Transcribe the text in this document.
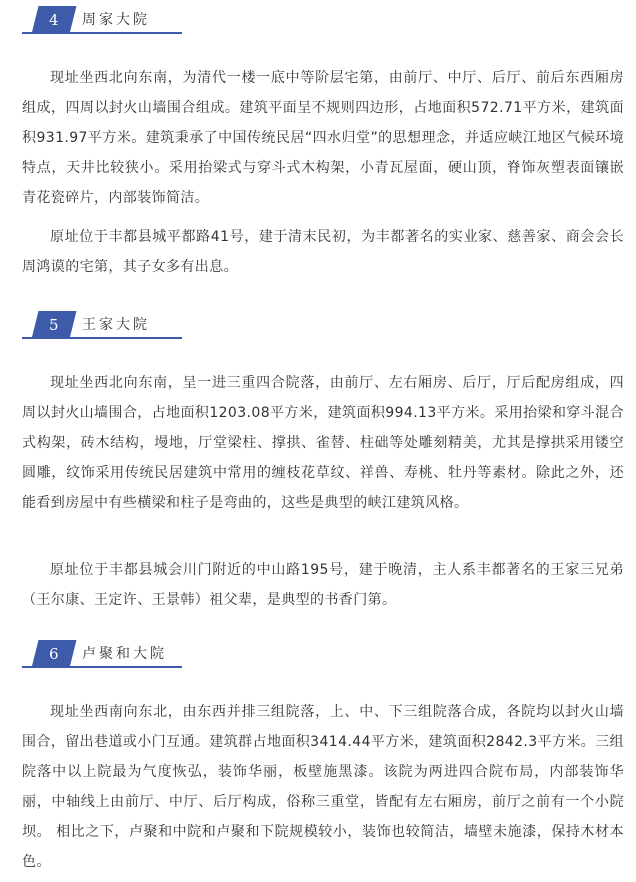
4	周家大院

现址坐西北向东南，为清代一楼一底中等阶层宅第，由前厅、中厅、后厅、前后东西厢房组成，四周以封火山墙围合组成。建筑平面呈不规则四边形，占地面积572.71平方米，建筑面积931.97平方米。建筑秉承了中国传统民居“四水归堂”的思想理念，并适应峡江地区气候环境特点，天井比较狭小。采用抬梁式与穿斗式木构架，小青瓦屋面，硬山顶，脊饰灰塑表面镶嵌青花瓷碎片，内部装饰简洁。

原址位于丰都县城平都路41号，建于清末民初，为丰都著名的实业家、慈善家、商会会长周鸿谟的宅第，其子女多有出息。

5	王家大院

现址坐西北向东南，呈一进三重四合院落，由前厅、左右厢房、后厅，厅后配房组成，四周以封火山墙围合，占地面积1203.08平方米，建筑面积994.13平方米。采用抬梁和穿斗混合式构架，砖木结构，墁地，厅堂梁柱、撑拱、雀替、柱础等处雕刻精美，尤其是撑拱采用镂空圆雕，纹饰采用传统民居建筑中常用的缠枝花草纹、祥兽、寿桃、牡丹等素材。除此之外，还能看到房屋中有些横梁和柱子是弯曲的，这些是典型的峡江建筑风格。

原址位于丰都县城会川门附近的中山路195号，建于晚清，主人系丰都著名的王家三兄弟（王尔康、王定许、王景韩）祖父辈，是典型的书香门第。

6	卢聚和大院

现址坐西南向东北，由东西并排三组院落，上、中、下三组院落合成，各院均以封火山墙围合，留出巷道或小门互通。建筑群占地面积3414.44平方米，建筑面积2842.3平方米。三组院落中以上院最为气度恢弘，装饰华丽，板壁施黑漆。该院为两进四合院布局，内部装饰华丽，中轴线上由前厅、中厅、后厅构成，俗称三重堂，皆配有左右厢房，前厅之前有一个小院坝。 相比之下，卢聚和中院和卢聚和下院规模较小，装饰也较简洁，墙壁未施漆，保持木材本色。
